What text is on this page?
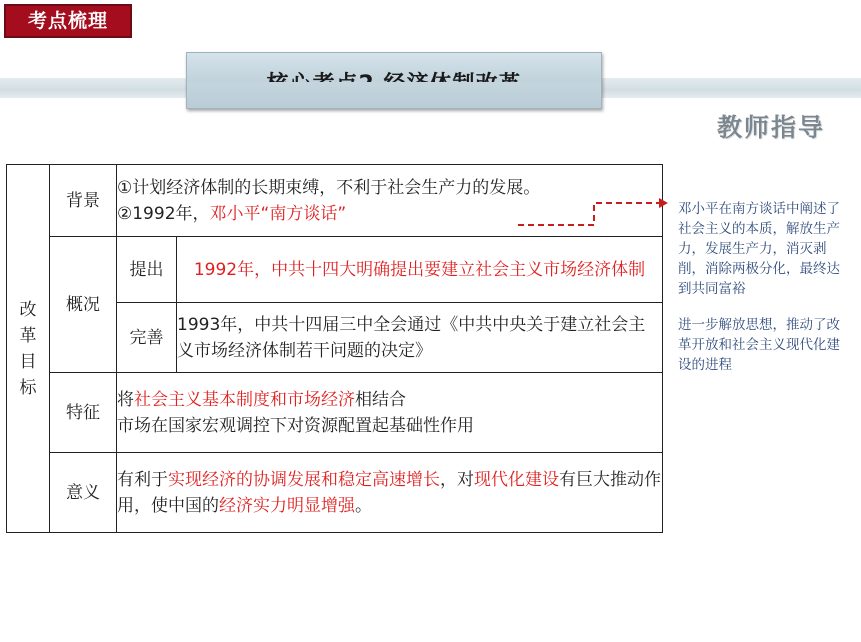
考点梳理
教师指导
改革目标	背景	①计划经济体制的长期束缚，不利于社会生产力的发展。
②1992年，邓小平“南方谈话”	

	概况	提出	1992年，中共十四大明确提出要建立社会主义市场经济体制
		完善	1993年，中共十四届三中全会通过《中共中央关于建立社会主义市场经济体制若干问题的决定》
	特征	将社会主义基本制度和市场经济相结合
市场在国家宏观调控下对资源配置起基础性作用	

	意义	有利于实现经济的协调发展和稳定高速增长，对现代化建设有巨大推动作用，使中国的经济实力明显增强。	

邓小平在南方谈话中阐述了社会主义的本质，解放生产力，发展生产力，消灭剥削，消除两极分化，最终达到共同富裕

进一步解放思想，推动了改革开放和社会主义现代化建设的进程
